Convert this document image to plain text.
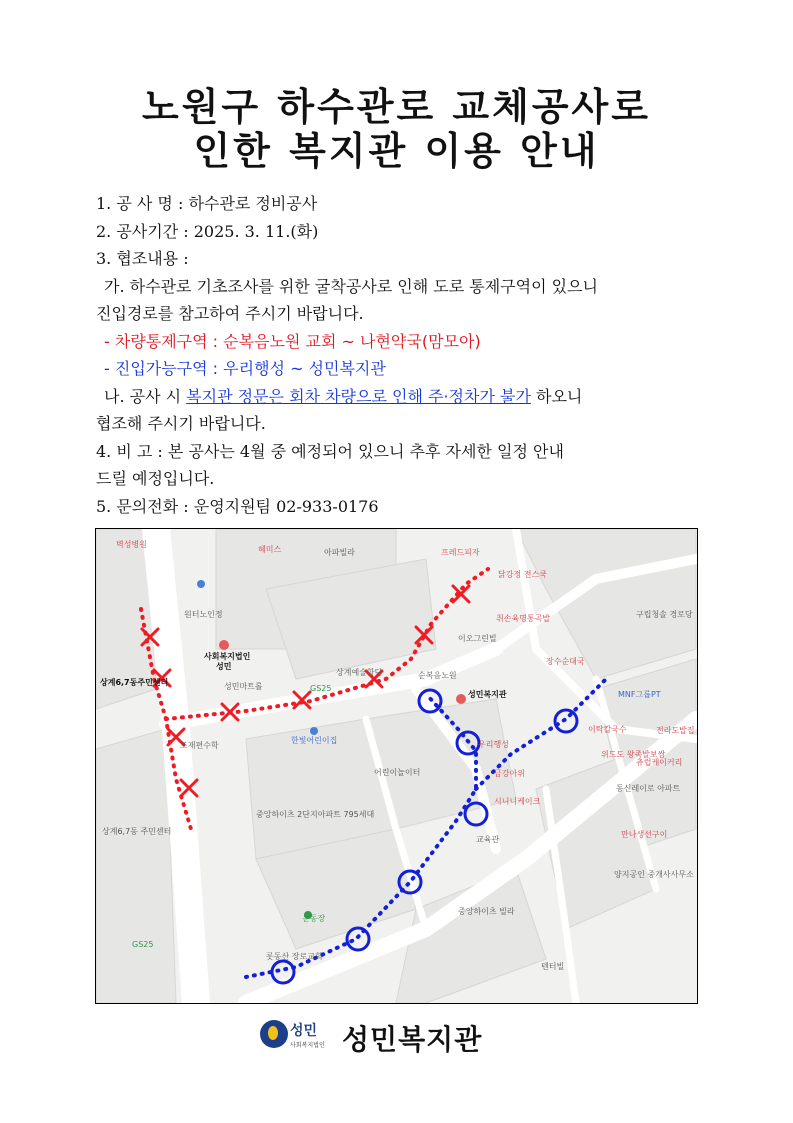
노원구 하수관로 교체공사로
인한 복지관 이용 안내
1. 공 사 명 : 하수관로 정비공사
2. 공사기간 : 2025. 3. 11.(화)
3. 협조내용 :
가. 하수관로 기초조사를 위한 굴착공사로 인해 도로 통제구역이 있으니
진입경로를 참고하여 주시기 바랍니다.
- 차량통제구역 : 순복음노원 교회 ~ 나현약국(맘모아)
- 진입가능구역 : 우리행성 ~ 성민복지관
나. 공사 시 복지관 정문은 회차 차량으로 인해 주·정차가 불가 하오니
협조해 주시기 바랍니다.
4. 비 고 : 본 공사는 4월 중 예정되어 있으니 추후 자세한 일정 안내
드릴 예정입니다.
5. 문의전화 : 운영지원팀 02-933-0176
벽성병원
헤미스	아파빌라
원터노인정
사회복지법인
성민
성민마트롤
상계6,7동주민센터
조재편수학
한빛어린이집
어린이놀이터
상계예술학단	순복음노원
성민복지관
우리행성
금강아위
시니니케이크
교육관
중앙하이츠 2단지아파트 795세대
상계6,7동 주민센터
운동장
롯동산 장로교회
중앙하이츠 빌라
텐터빌
양지공인 중개사사무소
구립청솔 경로당
MNF그룹PT
전라도밥집
동신레이로 아파트
만나생선구이
장수순대국
취손육명통곡밥
프레드피자
닭강정 전스쿡
GS25
GS25
이오그린빌
위드도 왕족발보쌈
이탁칼국수
츄럽케이커리
성민
사회복지법인 성민복지관
